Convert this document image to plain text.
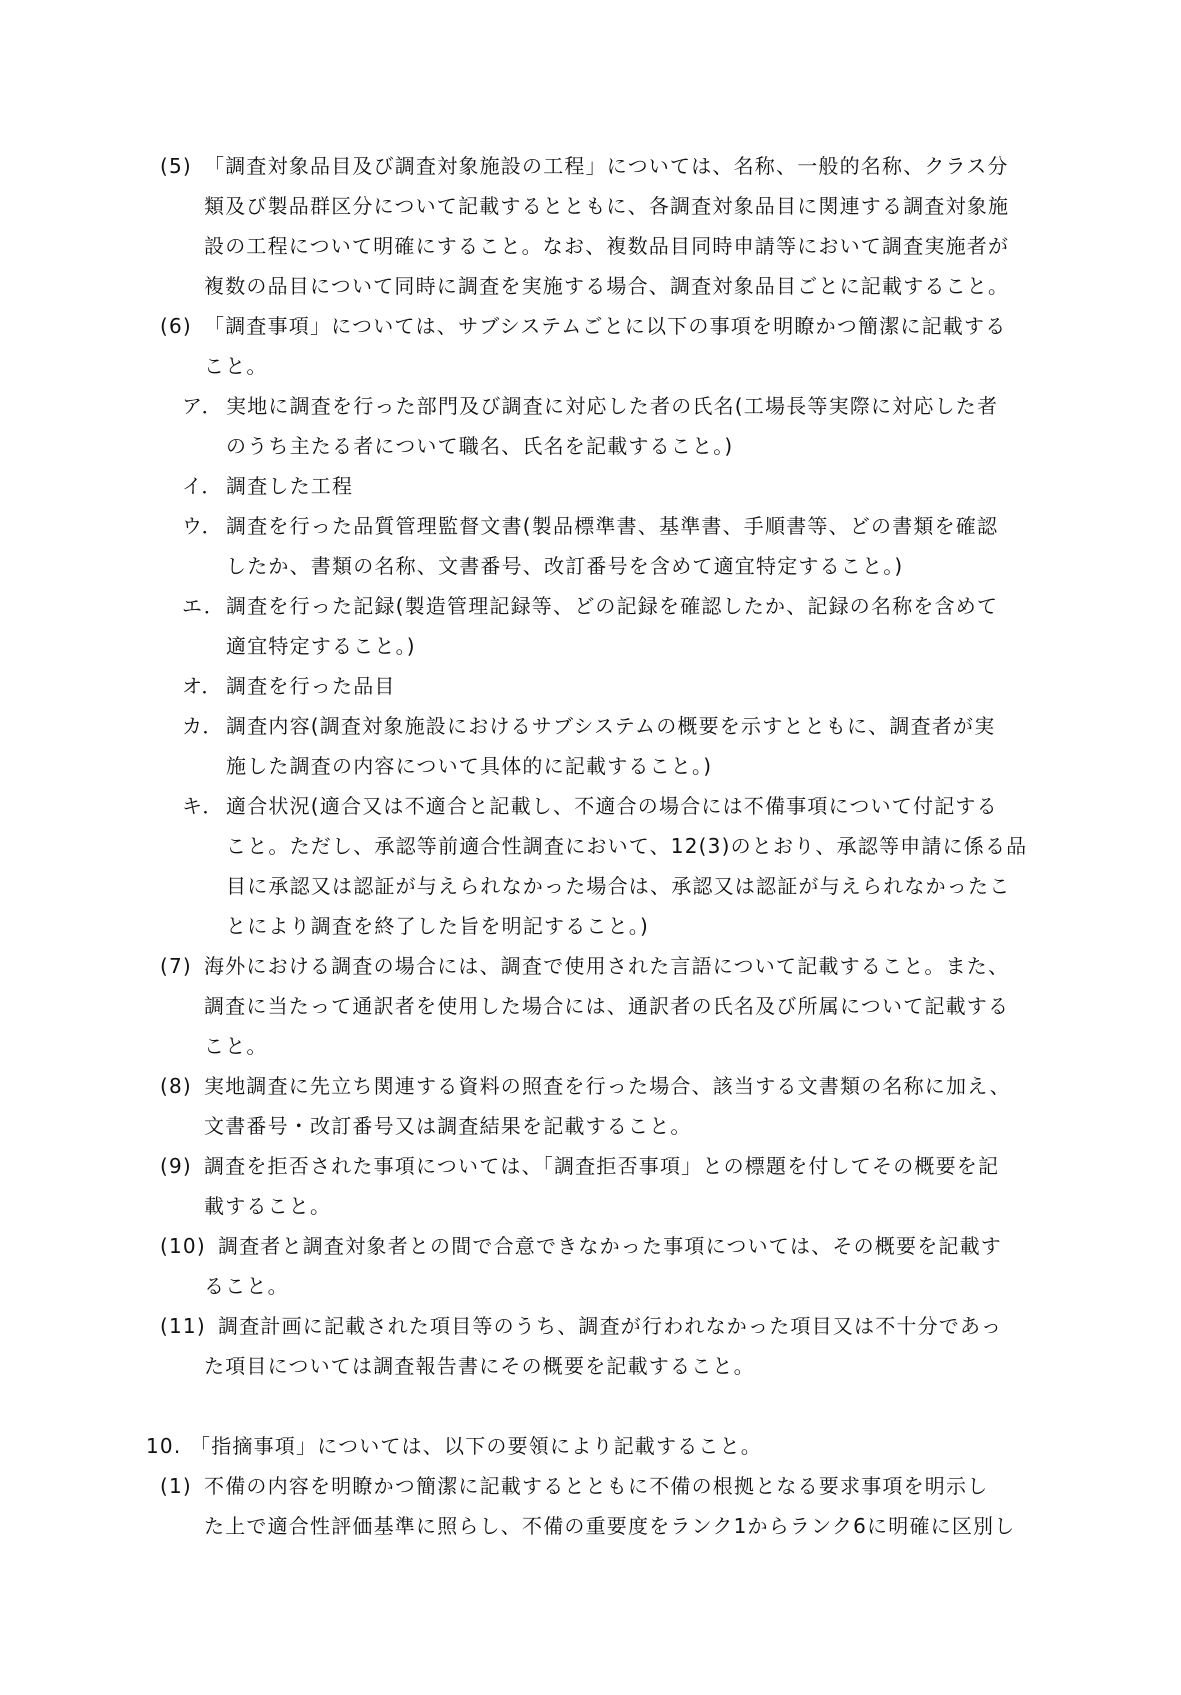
(5) 「調査対象品目及び調査対象施設の工程」については、名称、一般的名称、クラス分
類及び製品群区分について記載するとともに、各調査対象品目に関連する調査対象施
設の工程について明確にすること。なお、複数品目同時申請等において調査実施者が
複数の品目について同時に調査を実施する場合、調査対象品目ごとに記載すること。
(6) 「調査事項」については、サブシステムごとに以下の事項を明瞭かつ簡潔に記載する
こと。
ア． 実地に調査を行った部門及び調査に対応した者の氏名(工場長等実際に対応した者
のうち主たる者について職名、氏名を記載すること。)
イ． 調査した工程
ウ． 調査を行った品質管理監督文書(製品標準書、基準書、手順書等、どの書類を確認
したか、書類の名称、文書番号、改訂番号を含めて適宜特定すること。)
エ．調査を行った記録(製造管理記録等、どの記録を確認したか、記録の名称を含めて
適宜特定すること。)
オ． 調査を行った品目
カ． 調査内容(調査対象施設におけるサブシステムの概要を示すとともに、調査者が実
施した調査の内容について具体的に記載すること。)
キ． 適合状況(適合又は不適合と記載し、不適合の場合には不備事項について付記する
こと。ただし、承認等前適合性調査において、12(3)のとおり、承認等申請に係る品
目に承認又は認証が与えられなかった場合は、承認又は認証が与えられなかったこ
とにより調査を終了した旨を明記すること。)
(7) 海外における調査の場合には、調査で使用された言語について記載すること。また、
調査に当たって通訳者を使用した場合には、通訳者の氏名及び所属について記載する
こと。
(8) 実地調査に先立ち関連する資料の照査を行った場合、該当する文書類の名称に加え、
文書番号・改訂番号又は調査結果を記載すること。
(9) 調査を拒否された事項については、「調査拒否事項」との標題を付してその概要を記
載すること。
(10) 調査者と調査対象者との間で合意できなかった事項については、その概要を記載す
ること。
(11) 調査計画に記載された項目等のうち、調査が行われなかった項目又は不十分であっ
た項目については調査報告書にその概要を記載すること。
10. 「指摘事項」については、以下の要領により記載すること。
(1) 不備の内容を明瞭かつ簡潔に記載するとともに不備の根拠となる要求事項を明示し
た上で適合性評価基準に照らし、不備の重要度をランク1からランク6に明確に区別し
